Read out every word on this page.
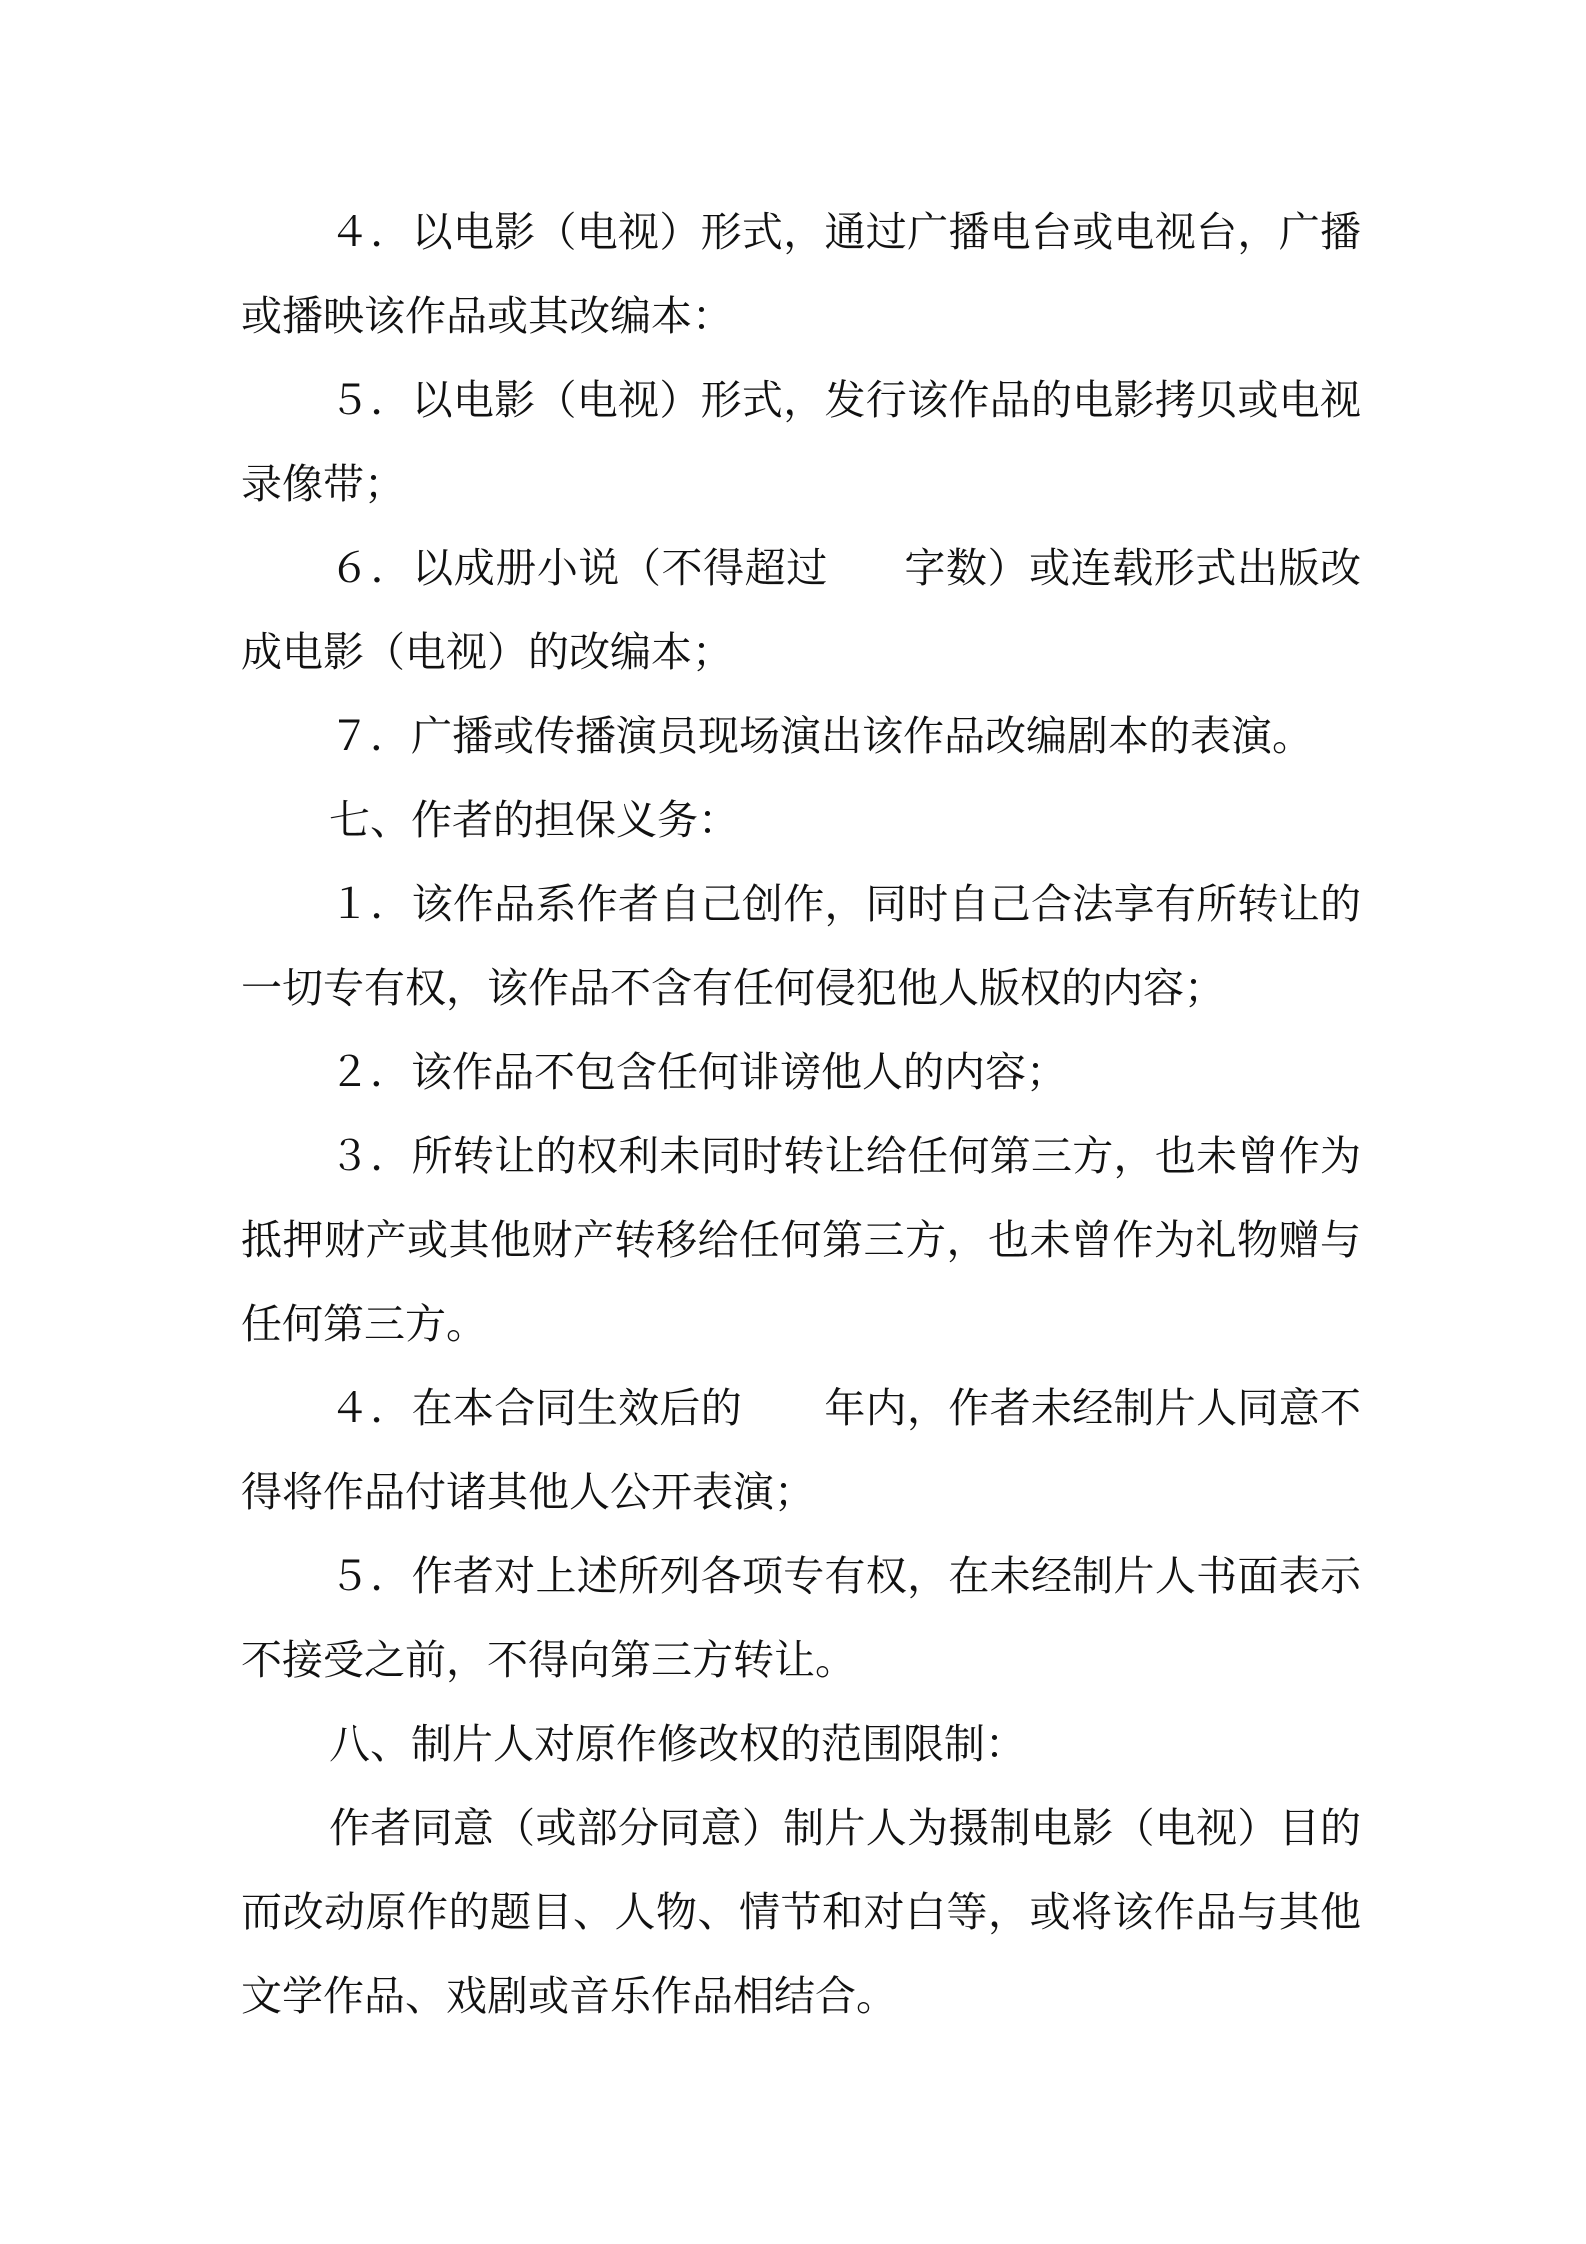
４．以电影（电视）形式，通过广播电台或电视台，广播或播映该作品或其改编本：

５．以电影（电视）形式，发行该作品的电影拷贝或电视录像带；

６．以成册小说（不得超过 字数）或连载形式出版改成电影（电视）的改编本；

７．广播或传播演员现场演出该作品改编剧本的表演。

七、作者的担保义务：

１．该作品系作者自己创作，同时自己合法享有所转让的一切专有权，该作品不含有任何侵犯他人版权的内容；

２．该作品不包含任何诽谤他人的内容；

３．所转让的权利未同时转让给任何第三方，也未曾作为抵押财产或其他财产转移给任何第三方，也未曾作为礼物赠与任何第三方。

４．在本合同生效后的 年内，作者未经制片人同意不得将作品付诸其他人公开表演；

５．作者对上述所列各项专有权，在未经制片人书面表示不接受之前，不得向第三方转让。

八、制片人对原作修改权的范围限制：

作者同意（或部分同意）制片人为摄制电影（电视）目的而改动原作的题目、人物、情节和对白等，或将该作品与其他文学作品、戏剧或音乐作品相结合。
